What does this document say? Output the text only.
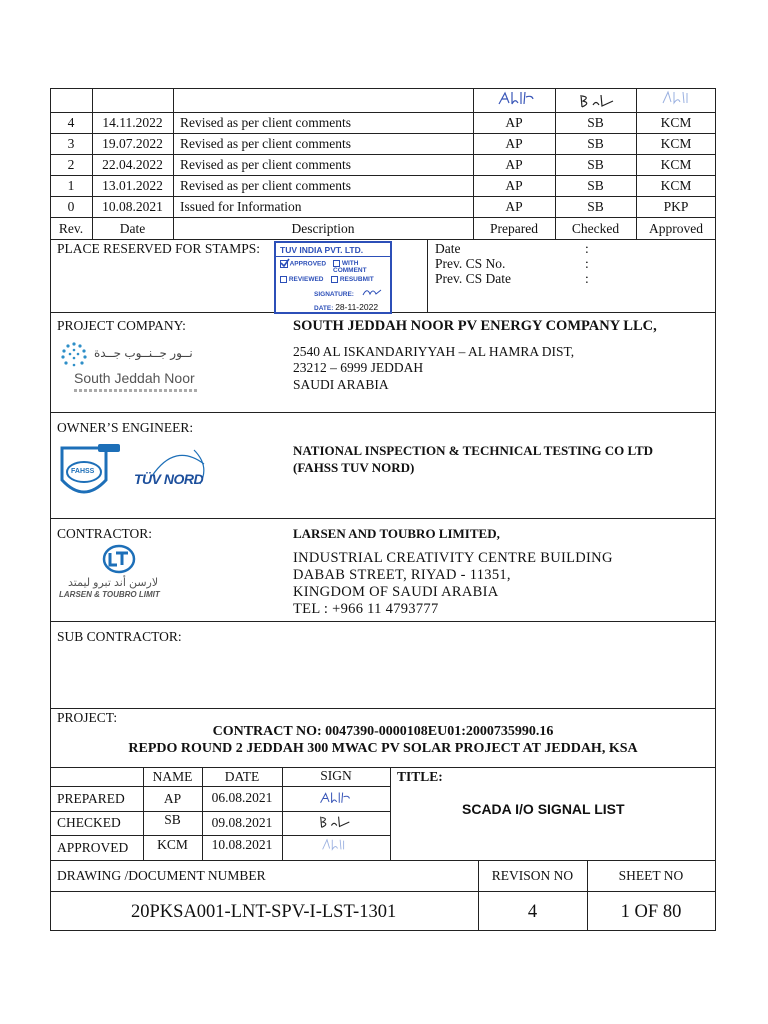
4	14.11.2022	Revised as per client comments	AP	SB	KCM
3	19.07.2022	Revised as per client comments	AP	SB	KCM
2	22.04.2022	Revised as per client comments	AP	SB	KCM
1	13.01.2022	Revised as per client comments	AP	SB	KCM
0	10.08.2021	Issued for Information	AP	SB	PKP
Rev.	Date	Description	Prepared	Checked	Approved
PLACE RESERVED FOR STAMPS: TUV INDIA PVT. LTD.
APPROVED	WITH COMMENT
REVIEWED	RESUBMIT
SIGNATURE:
DATE: 28-11-2022
Date
Prev. CS No.
Prev. CS Date
:
:
:
PROJECT COMPANY:	SOUTH JEDDAH NOOR PV ENERGY COMPANY LLC,
2540 AL ISKANDARIYYAH – AL HAMRA DIST,
23212 – 6999 JEDDAH
SAUDI ARABIA
نــور جــنــوب جــدة
South Jeddah Noor
OWNER’S ENGINEER:
NATIONAL INSPECTION & TECHNICAL TESTING CO LTD
(FAHSS TUV NORD)
FAHSS	TÜV NORD
CONTRACTOR:	LARSEN AND TOUBRO LIMITED,
INDUSTRIAL CREATIVITY CENTRE BUILDING
DABAB STREET, RIYAD - 11351,
KINGDOM OF SAUDI ARABIA
TEL : +966 11 4793777
لارسن أند تبرو ليمتد
LARSEN & TOUBRO LIMIT
SUB CONTRACTOR:
PROJECT:
CONTRACT NO: 0047390-0000108EU01:2000735990.16
REPDO ROUND 2 JEDDAH 300 MWAC PV SOLAR PROJECT AT JEDDAH, KSA
NAME	DATE	SIGN
PREPARED	AP	06.08.2021
CHECKED	SB	09.08.2021
APPROVED	KCM	10.08.2021
TITLE:
SCADA I/O SIGNAL LIST
DRAWING /DOCUMENT NUMBER	REVISON NO	SHEET NO
20PKSA001-LNT-SPV-I-LST-1301	4	1 OF 80
